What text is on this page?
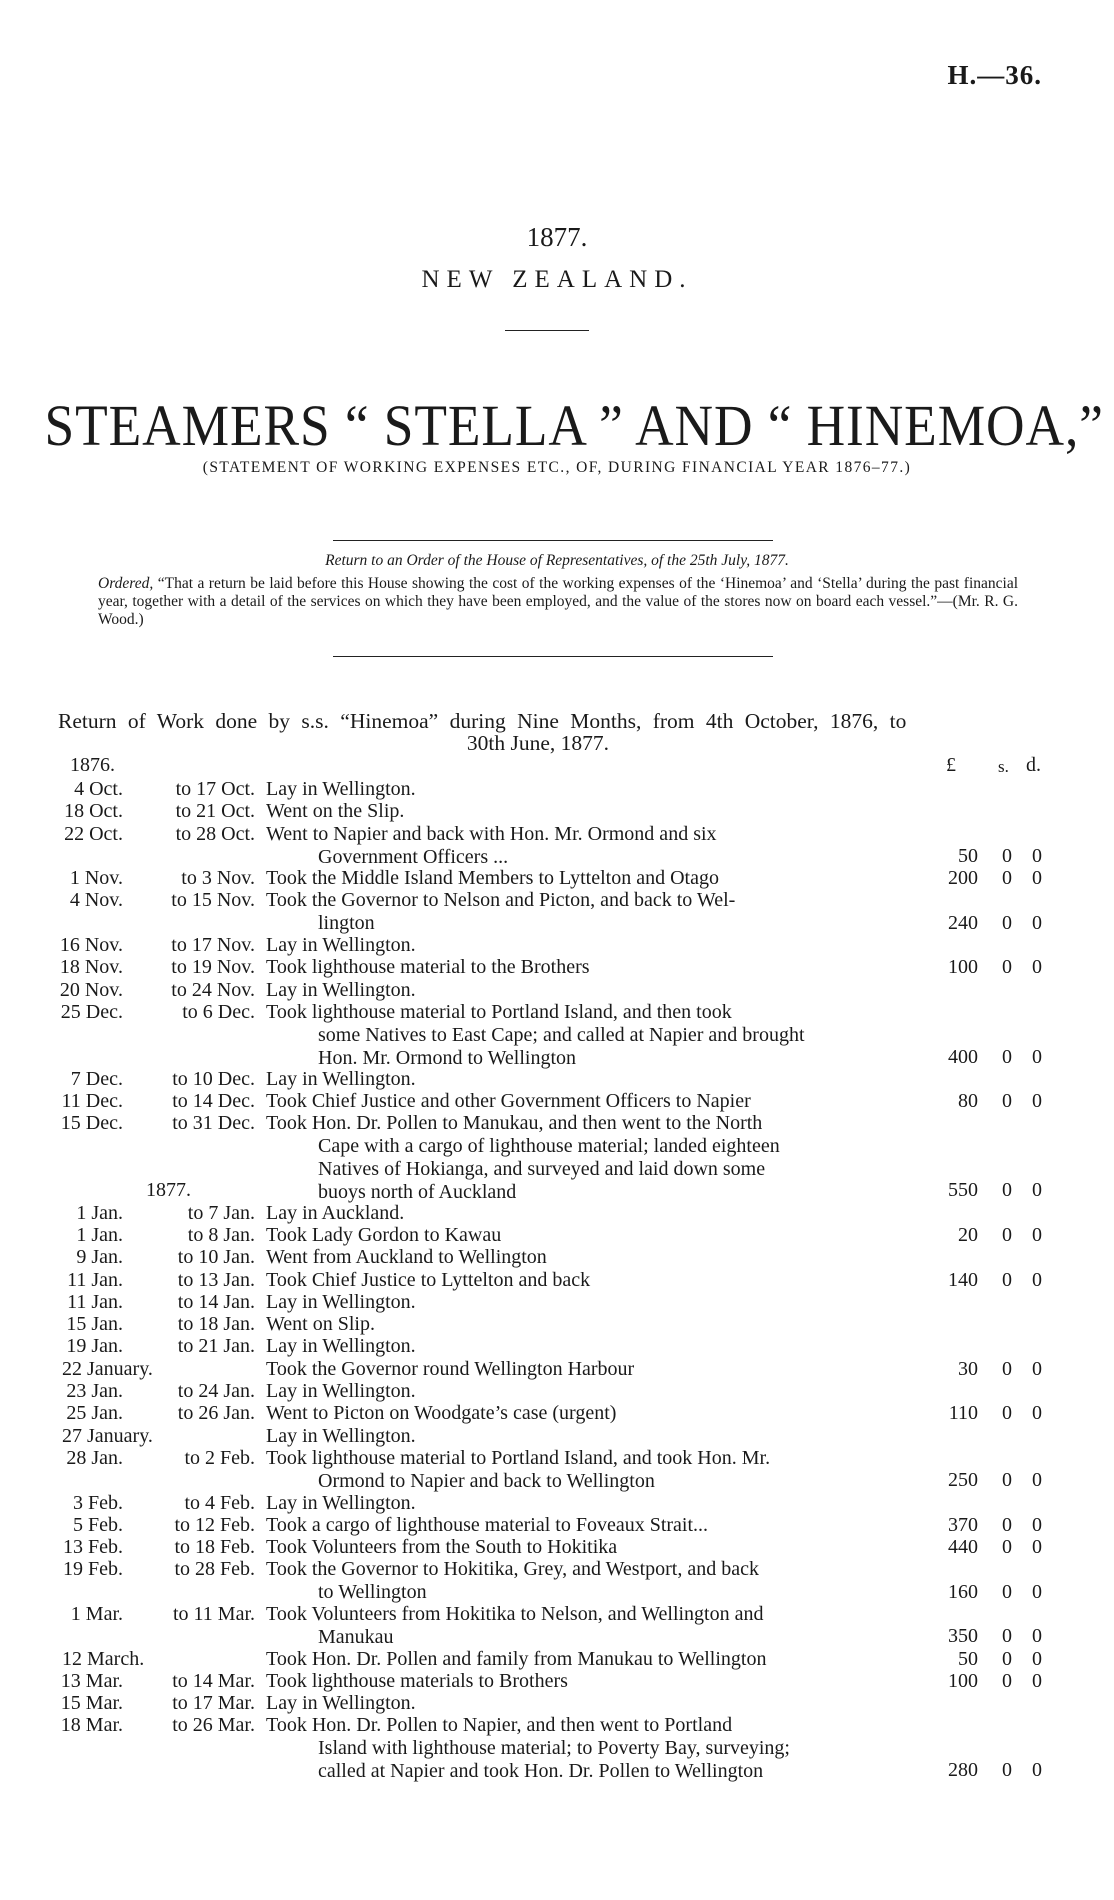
H.—36.
1877.
NEW ZEALAND.
STEAMERS “ STELLA ” AND “ HINEMOA,”
(STATEMENT OF WORKING EXPENSES ETC., OF, DURING FINANCIAL YEAR 1876–77.)
Return to an Order of the House of Representatives, of the 25th July, 1877.
Ordered, “That a return be laid before this House showing the cost of the working expenses of the ‘Hinemoa’ and ‘Stella’ during the past financial year, together with a detail of the services on which they have been employed, and the value of the stores now on board each vessel.”—(Mr. R. G. Wood.)
Return of Work done by s.s. “Hinemoa” during Nine Months, from 4th October, 1876, to
30th June, 1877.
1876.	£ s. d.
4 Oct.	to 17 Oct. Lay in Wellington.
18 Oct.	to 21 Oct. Went on the Slip.
22 Oct.	to 28 Oct. Went to Napier and back with Hon. Mr. Ormond and six
Government Officers ...	50 0 0
1 Nov.	to 3 Nov. Took the Middle Island Members to Lyttelton and Otago	200 0 0
4 Nov.	to 15 Nov. Took the Governor to Nelson and Picton, and back to Wel-
lington	240 0 0
16 Nov.	to 17 Nov. Lay in Wellington.
18 Nov.	to 19 Nov. Took lighthouse material to the Brothers	100 0 0
20 Nov.	to 24 Nov. Lay in Wellington.
25 Dec.	to 6 Dec. Took lighthouse material to Portland Island, and then took
some Natives to East Cape; and called at Napier and brought
Hon. Mr. Ormond to Wellington	400 0 0
7 Dec.	to 10 Dec. Lay in Wellington.
11 Dec.	to 14 Dec. Took Chief Justice and other Government Officers to Napier	80 0 0
15 Dec.	to 31 Dec. Took Hon. Dr. Pollen to Manukau, and then went to the North
Cape with a cargo of lighthouse material; landed eighteen
Natives of Hokianga, and surveyed and laid down some
buoys north of Auckland	550 0 0
1877.
1 Jan.	to 7 Jan. Lay in Auckland.
1 Jan.	to 8 Jan. Took Lady Gordon to Kawau	20 0 0
9 Jan.	to 10 Jan. Went from Auckland to Wellington
11 Jan.	to 13 Jan. Took Chief Justice to Lyttelton and back	140 0 0
11 Jan.	to 14 Jan. Lay in Wellington.
15 Jan.	to 18 Jan. Went on Slip.
19 Jan.	to 21 Jan. Lay in Wellington.
22 January.	Took the Governor round Wellington Harbour	30 0 0
23 Jan.	to 24 Jan. Lay in Wellington.
25 Jan.	to 26 Jan. Went to Picton on Woodgate’s case (urgent)	110 0 0
27 January.	Lay in Wellington.
28 Jan.	to 2 Feb. Took lighthouse material to Portland Island, and took Hon. Mr.
Ormond to Napier and back to Wellington	250 0 0
3 Feb.	to 4 Feb. Lay in Wellington.
5 Feb.	to 12 Feb. Took a cargo of lighthouse material to Foveaux Strait...	370 0 0
13 Feb.	to 18 Feb. Took Volunteers from the South to Hokitika	440 0 0
19 Feb.	to 28 Feb. Took the Governor to Hokitika, Grey, and Westport, and back
to Wellington	160 0 0
1 Mar.	to 11 Mar. Took Volunteers from Hokitika to Nelson, and Wellington and
Manukau	350 0 0
12 March.	Took Hon. Dr. Pollen and family from Manukau to Wellington	50 0 0
13 Mar.	to 14 Mar. Took lighthouse materials to Brothers	100 0 0
15 Mar.	to 17 Mar. Lay in Wellington.
18 Mar.	to 26 Mar. Took Hon. Dr. Pollen to Napier, and then went to Portland
Island with lighthouse material; to Poverty Bay, surveying;
called at Napier and took Hon. Dr. Pollen to Wellington	280 0 0
